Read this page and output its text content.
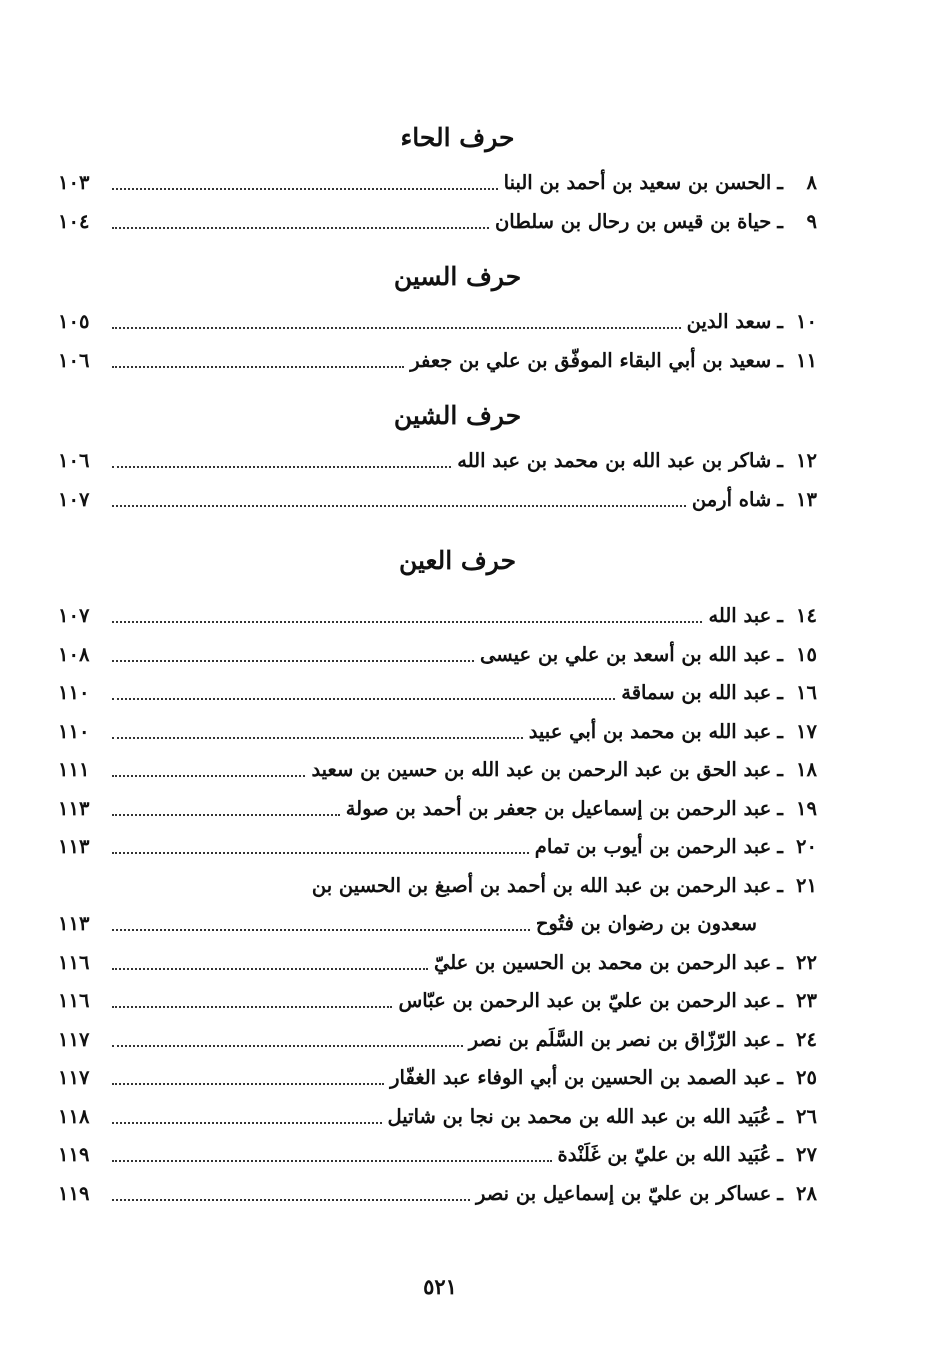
حرف الحاء
٨
ـ
الحسن بن سعيد بن أحمد بن البنا
١٠٣
٩
ـ
حياة بن قيس بن رحال بن سلطان
١٠٤
حرف السين
١٠
ـ
سعد الدين
١٠٥
١١
ـ
سعيد بن أبي البقاء الموفّق بن علي بن جعفر
١٠٦
حرف الشين
١٢
ـ
شاكر بن عبد الله بن محمد بن عبد الله
١٠٦
١٣
ـ
شاه أرمن
١٠٧
حرف العين
١٤
ـ
عبد الله
١٠٧
١٥
ـ
عبد الله بن أسعد بن علي بن عيسى
١٠٨
١٦
ـ
عبد الله بن سماقة
١١٠
١٧
ـ
عبد الله بن محمد بن أبي عبيد
١١٠
١٨
ـ
عبد الحق بن عبد الرحمن بن عبد الله بن حسين بن سعيد
١١١
١٩
ـ
عبد الرحمن بن إسماعيل بن جعفر بن أحمد بن صولة
١١٣
٢٠
ـ
عبد الرحمن بن أيوب بن تمام
١١٣
٢١
ـ
عبد الرحمن بن عبد الله بن أحمد بن أصبغ بن الحسين بن
سعدون بن رضوان بن فتُوح
١١٣
٢٢
ـ
عبد الرحمن بن محمد بن الحسين بن عليّ
١١٦
٢٣
ـ
عبد الرحمن بن عليّ بن عبد الرحمن بن عبّاس
١١٦
٢٤
ـ
عبد الرّزّاق بن نصر بن السَّلَم بن نصر
١١٧
٢٥
ـ
عبد الصمد بن الحسين بن أبي الوفاء عبد الغفّار
١١٧
٢٦
ـ
عُبَيد الله بن عبد الله بن محمد بن نجا بن شاتيل
١١٨
٢٧
ـ
عُبَيد الله بن عليّ بن غَلَنْدة
١١٩
٢٨
ـ
عساكر بن عليّ بن إسماعيل بن نصر
١١٩
٥٢١
